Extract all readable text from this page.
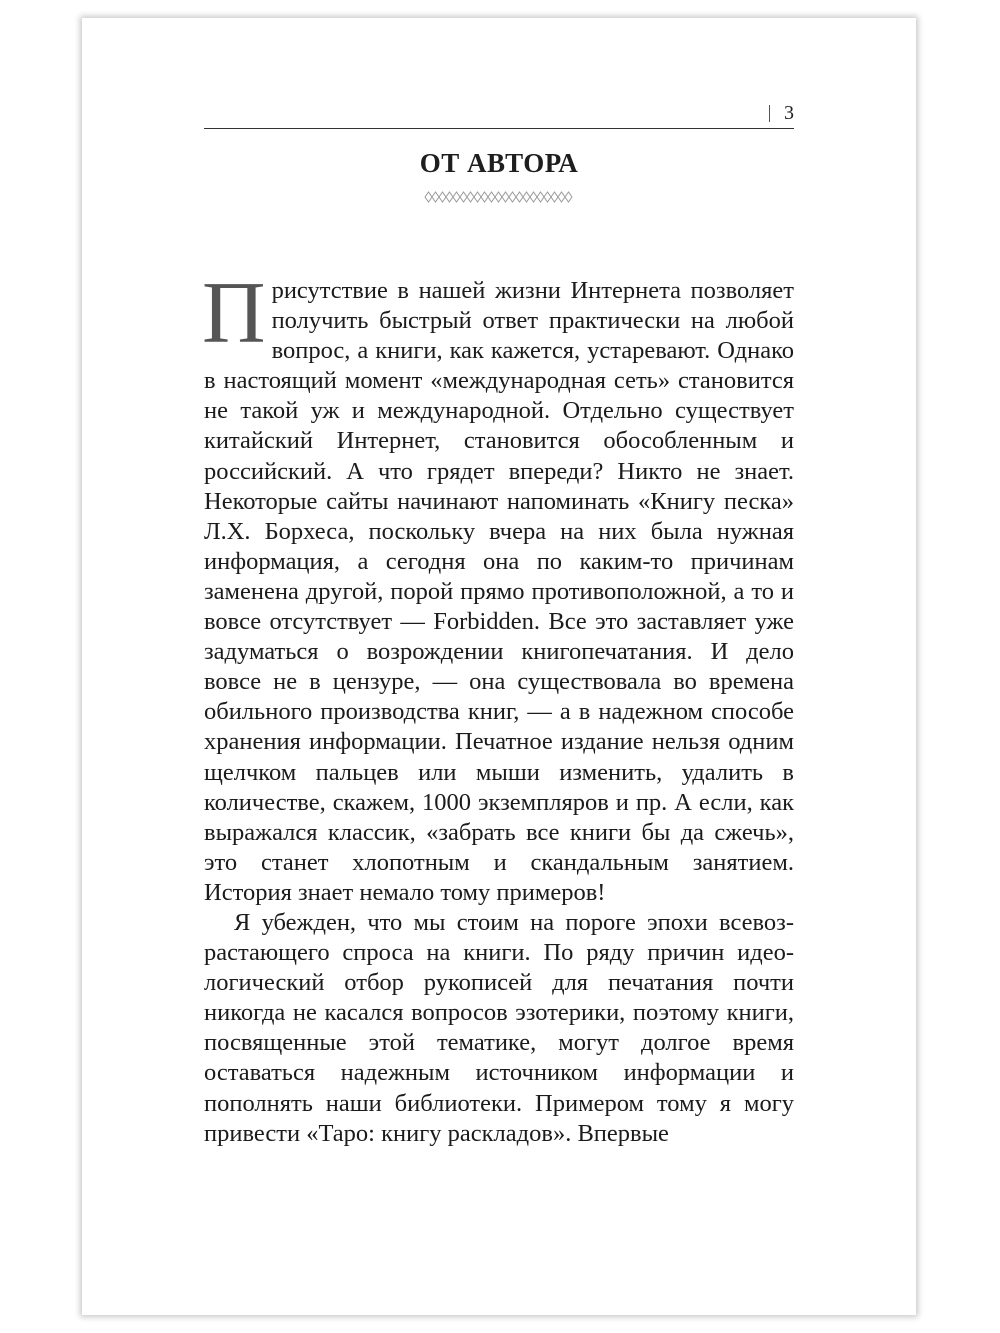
3
ОТ АВТОРА

Присутствие в нашей жизни Интернета позволяет получить быстрый ответ практически на любой вопрос, а книги, как кажется, устаревают. Однако в настоящий момент «международная сеть» становится не такой уж и международной. Отдельно существует китайский Интернет, становится обособленным и российский. А что грядет впереди? Никто не знает. Некоторые сайты начинают напоминать «Книгу песка» Л.Х. Борхеса, поскольку вчера на них была нужная информация, а сегодня она по каким-то причинам заменена другой, порой прямо противоположной, а то и вовсе отсутствует — Forbidden. Все это заставляет уже задуматься о возрождении книгопечатания. И дело вовсе не в цензуре, — она существовала во времена обильного производства книг, — а в надежном способе хранения информации. Печатное издание нельзя одним щелчком пальцев или мыши изменить, удалить в количестве, скажем, 1000 экземпляров и пр. А если, как выражался классик, «забрать все книги бы да сжечь», это станет хлопотным и скандальным занятием. История знает немало тому примеров!

Я убежден, что мы стоим на пороге эпохи всевозрастающего спроса на книги. По ряду причин идеологический отбор рукописей для печатания почти никогда не касался вопросов эзотерики, поэтому книги, посвященные этой тематике, могут долгое время оставаться надежным источником информации и пополнять наши библиотеки. Примером тому я могу привести «Таро: книгу раскладов». Впервые
